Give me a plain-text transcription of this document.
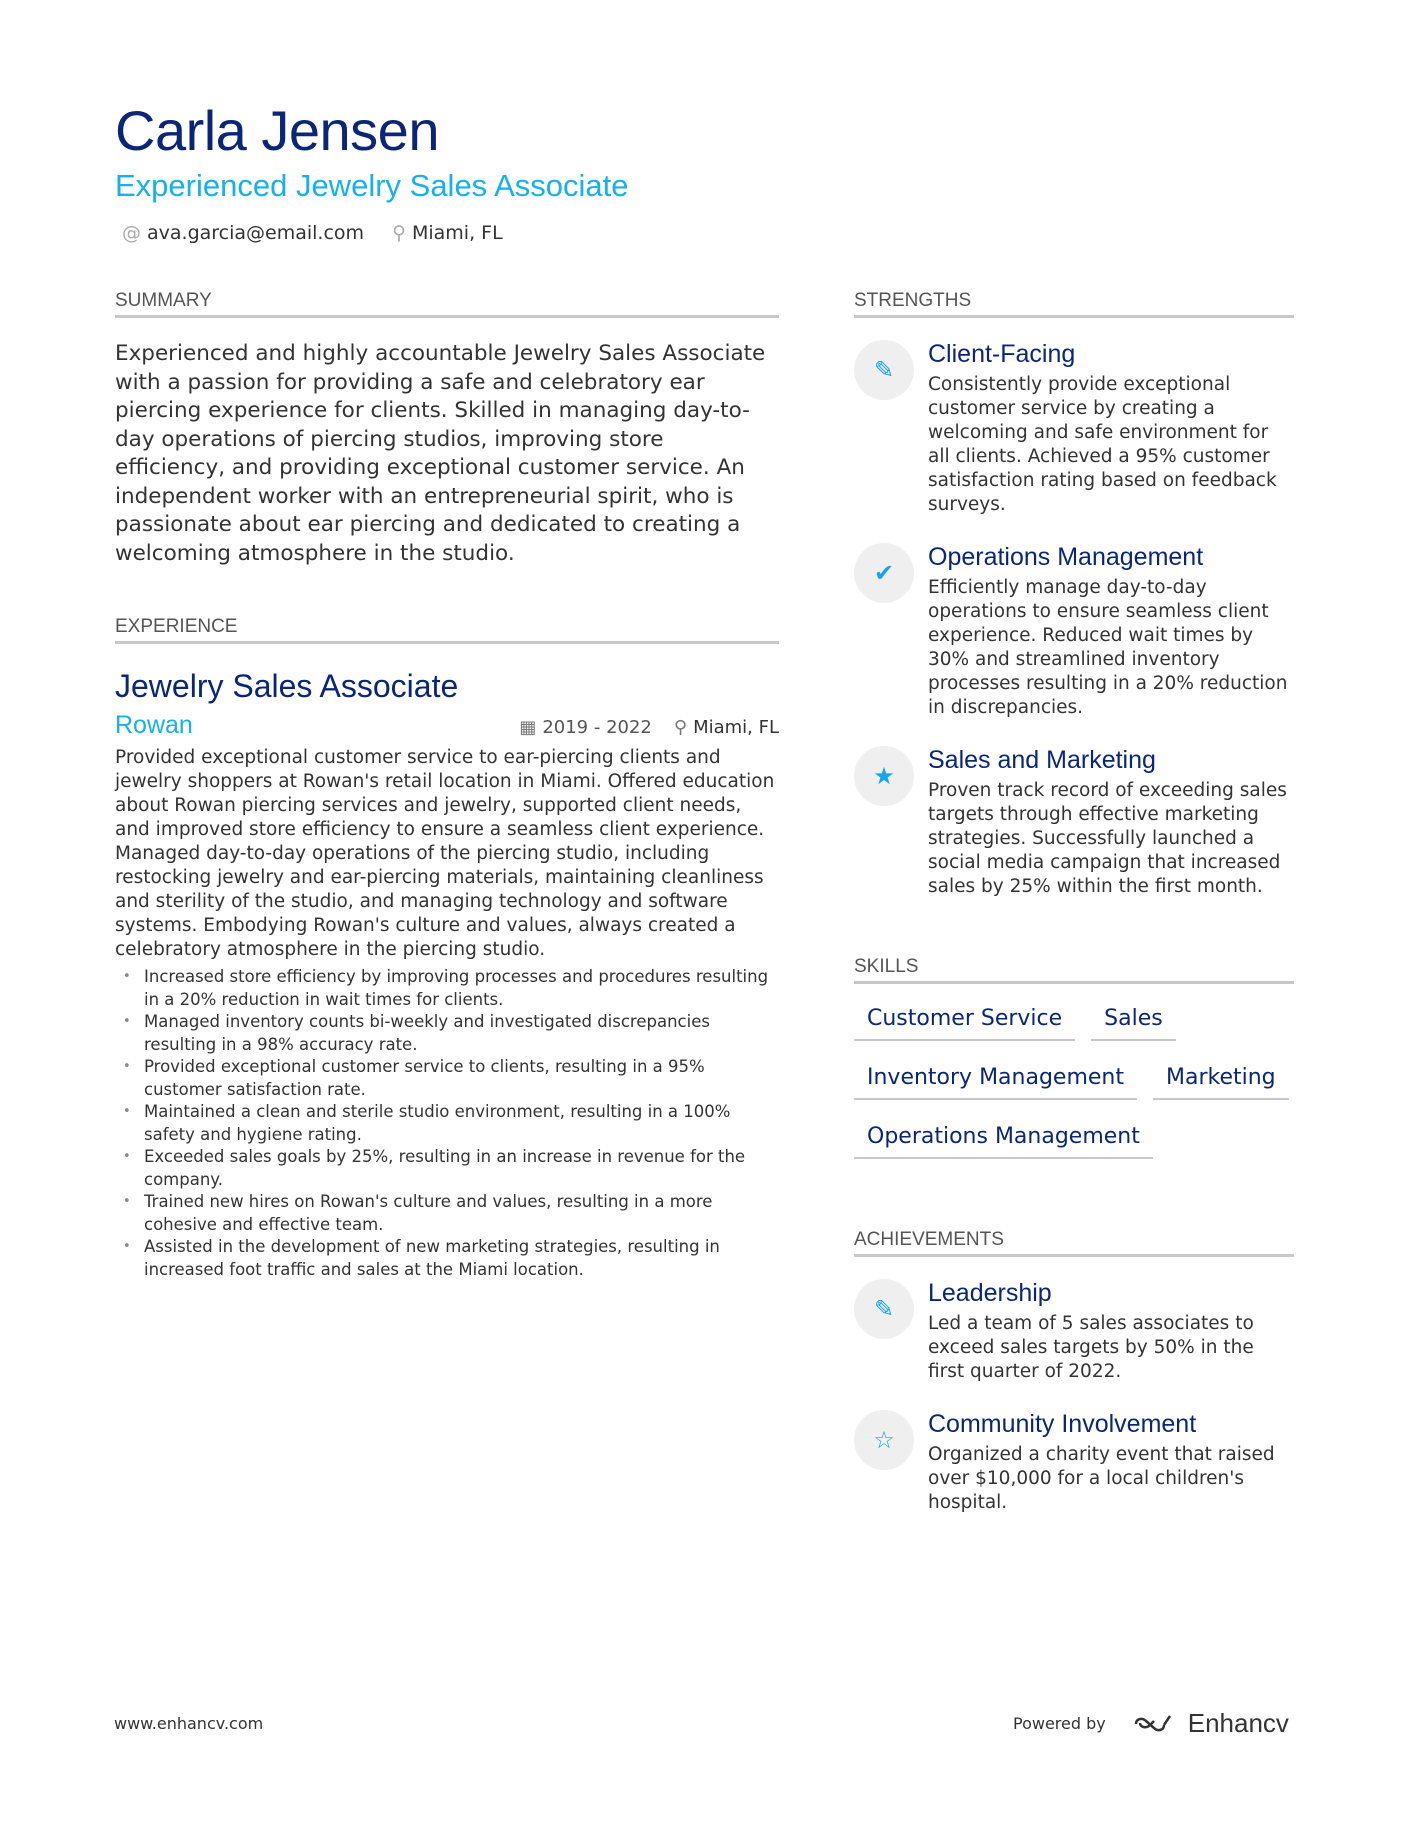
Carla Jensen
Experienced Jewelry Sales Associate
@ ava.garcia@email.com ⚲ Miami, FL
SUMMARY
Experienced and highly accountable Jewelry Sales Associate with a passion for providing a safe and celebratory ear piercing experience for clients. Skilled in managing day-to-day operations of piercing studios, improving store efficiency, and providing exceptional customer service. An independent worker with an entrepreneurial spirit, who is passionate about ear piercing and dedicated to creating a welcoming atmosphere in the studio.
EXPERIENCE
Jewelry Sales Associate
Rowan	▦ 2019 - 2022 ⚲ Miami, FL
Provided exceptional customer service to ear-piercing clients and jewelry shoppers at Rowan's retail location in Miami. Offered education about Rowan piercing services and jewelry, supported client needs, and improved store efficiency to ensure a seamless client experience. Managed day-to-day operations of the piercing studio, including restocking jewelry and ear-piercing materials, maintaining cleanliness and sterility of the studio, and managing technology and software systems. Embodying Rowan's culture and values, always created a celebratory atmosphere in the piercing studio.
• Increased store efficiency by improving processes and procedures resulting in a 20% reduction in wait times for clients.
• Managed inventory counts bi-weekly and investigated discrepancies resulting in a 98% accuracy rate.
• Provided exceptional customer service to clients, resulting in a 95% customer satisfaction rate.
• Maintained a clean and sterile studio environment, resulting in a 100% safety and hygiene rating.
• Exceeded sales goals by 25%, resulting in an increase in revenue for the company.
• Trained new hires on Rowan's culture and values, resulting in a more cohesive and effective team.
• Assisted in the development of new marketing strategies, resulting in increased foot traffic and sales at the Miami location.
STRENGTHS
✎
Client-Facing
Consistently provide exceptional customer service by creating a welcoming and safe environment for all clients. Achieved a 95% customer satisfaction rating based on feedback surveys.
✔
Operations Management
Efficiently manage day-to-day operations to ensure seamless client experience. Reduced wait times by 30% and streamlined inventory processes resulting in a 20% reduction in discrepancies.
★
Sales and Marketing
Proven track record of exceeding sales targets through effective marketing strategies. Successfully launched a social media campaign that increased sales by 25% within the first month.
SKILLS
Customer Service	Sales
Inventory Management	Marketing
Operations Management
ACHIEVEMENTS
✎
Leadership
Led a team of 5 sales associates to exceed sales targets by 50% in the first quarter of 2022.
☆
Community Involvement
Organized a charity event that raised over $10,000 for a local children's hospital.
www.enhancv.com	Powered by	Enhancv
